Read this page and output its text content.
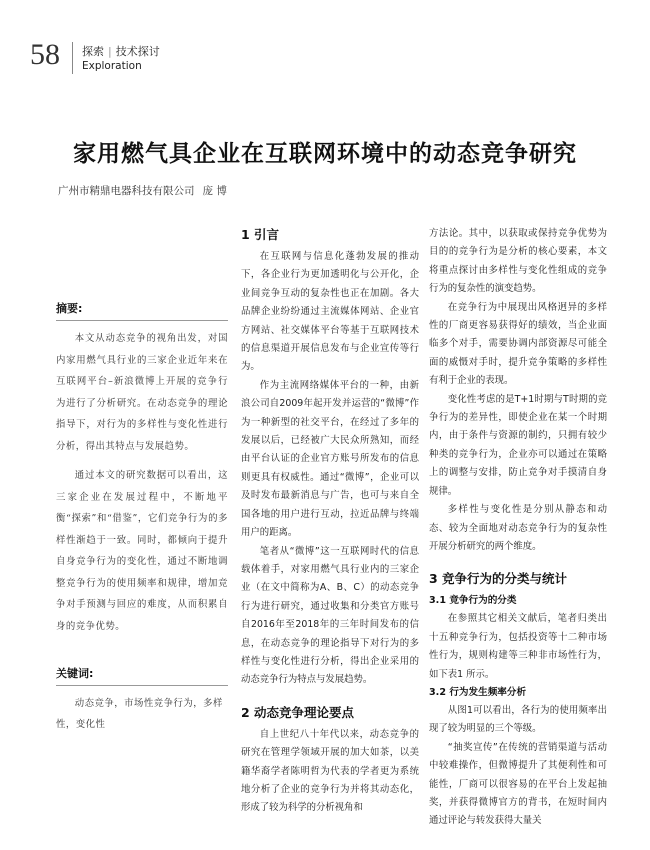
58 探索 | 技术探讨
Exploration
家用燃气具企业在互联网环境中的动态竞争研究
广州市精鼎电器科技有限公司 庞 博
摘要:

本文从动态竞争的视角出发，对国内家用燃气具行业的三家企业近年来在互联网平台–新浪微博上开展的竞争行为进行了分析研究。在动态竞争的理论指导下，对行为的多样性与变化性进行分析，得出其特点与发展趋势。

通过本文的研究数据可以看出，这三家企业在发展过程中，不断地平衡“探索”和“借鉴”，它们竞争行为的多样性渐趋于一致。同时，都倾向于提升自身竞争行为的变化性，通过不断地调整竞争行为的使用频率和规律，增加竞争对手预测与回应的难度，从而积累自身的竞争优势。

关键词:

动态竞争，市场性竞争行为，多样性，变化性

1 引言

在互联网与信息化蓬勃发展的推动下，各企业行为更加透明化与公开化，企业间竞争互动的复杂性也正在加剧。各大品牌企业纷纷通过主流媒体网站、企业官方网站、社交媒体平台等基于互联网技术的信息渠道开展信息发布与企业宣传等行为。

作为主流网络媒体平台的一种，由新浪公司自2009年起开发并运营的“微博”作为一种新型的社交平台，在经过了多年的发展以后，已经被广大民众所熟知，而经由平台认证的企业官方账号所发布的信息则更具有权威性。通过“微博”，企业可以及时发布最新消息与广告，也可与来自全国各地的用户进行互动，拉近品牌与终端用户的距离。

笔者从“微博”这一互联网时代的信息载体着手，对家用燃气具行业内的三家企业（在文中简称为A、B、C）的动态竞争行为进行研究，通过收集和分类官方账号自2016年至2018年的三年时间发布的信息，在动态竞争的理论指导下对行为的多样性与变化性进行分析，得出企业采用的动态竞争行为特点与发展趋势。

2 动态竞争理论要点

自上世纪八十年代以来，动态竞争的研究在管理学领域开展的加大如茶，以美籍华裔学者陈明哲为代表的学者更为系统地分析了企业的竞争行为并将其动态化，形成了较为科学的分析视角和

方法论。其中，以获取或保持竞争优势为目的的竞争行为是分析的核心要素，本文将重点探讨由多样性与变化性组成的竞争行为的复杂性的演变趋势。

在竞争行为中展现出风格迥异的多样性的厂商更容易获得好的绩效，当企业面临多个对手，需要协调内部资源尽可能全面的威慑对手时，提升竞争策略的多样性有利于企业的表现。

变化性考虑的是T+1时期与T时期的竞争行为的差异性，即使企业在某一个时期内，由于条件与资源的制约，只拥有较少种类的竞争行为，企业亦可以通过在策略上的调整与安排，防止竞争对手摸清自身规律。

多样性与变化性是分别从静态和动态、较为全面地对动态竞争行为的复杂性开展分析研究的两个维度。

3 竞争行为的分类与统计
3.1 竞争行为的分类

在参照其它相关文献后，笔者归类出十五种竞争行为，包括投资等十二种市场性行为，规则构建等三种非市场性行为，如下表1 所示。

3.2 行为发生频率分析

从图1可以看出，各行为的使用频率出现了较为明显的三个等级。

“抽奖宣传”在传统的营销渠道与活动中较难操作，但微博提升了其便利性和可能性，厂商可以很容易的在平台上发起抽奖，并获得微博官方的背书，在短时间内通过评论与转发获得大量关
